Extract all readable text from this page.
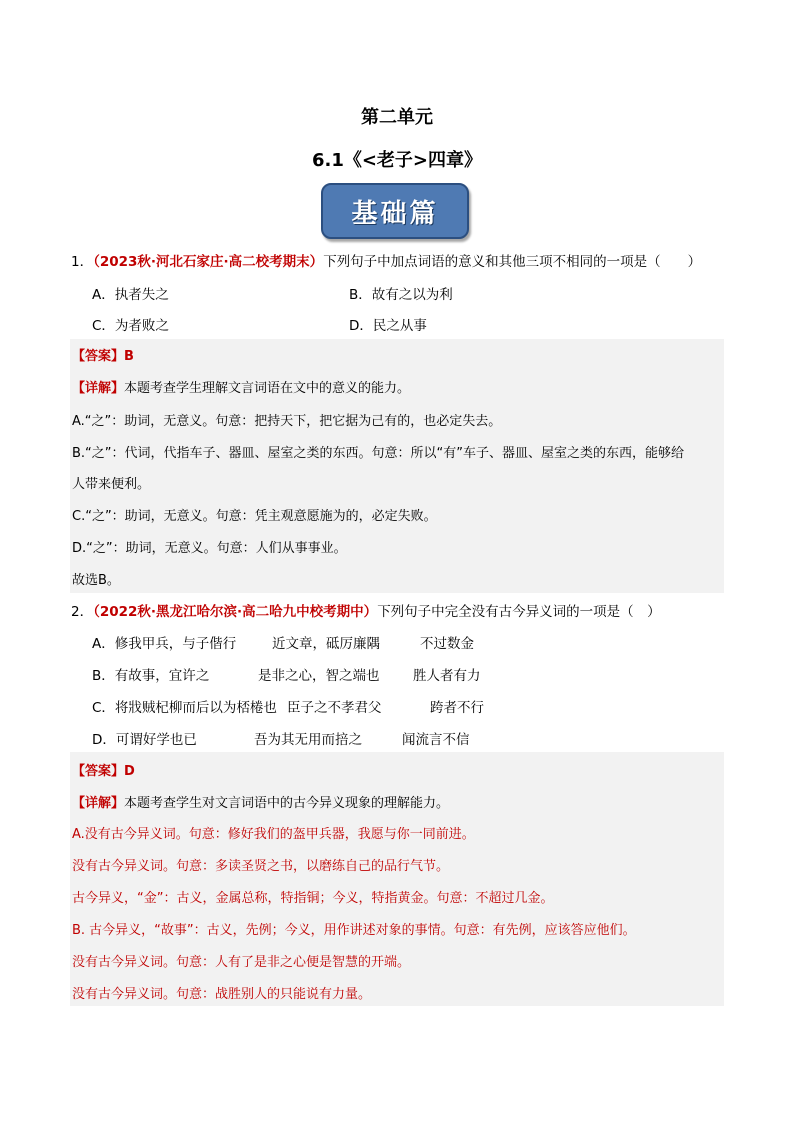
第二单元
6.1《<老子>四章》
基础篇
1．（2023秋·河北石家庄·高二校考期末）下列句子中加点词语的意义和其他三项不相同的一项是（　　）
A．执者失之	B．故有之以为利
C．为者败之	D．民之从事
【答案】B
【详解】本题考查学生理解文言词语在文中的意义的能力。
A.“之”：助词，无意义。句意：把持天下，把它据为己有的，也必定失去。
B.“之”：代词，代指车子、器皿、屋室之类的东西。句意：所以“有”车子、器皿、屋室之类的东西，能够给
人带来便利。
C.“之”：助词，无意义。句意：凭主观意愿施为的，必定失败。
D.“之”：助词，无意义。句意：人们从事事业。
故选B。
2．（2022秋·黑龙江哈尔滨·高二哈九中校考期中）下列句子中完全没有古今异义词的一项是（　）
A．修我甲兵，与子偕行	近文章，砥厉廉隅	不过数金
B．有故事，宜许之	是非之心，智之端也 胜人者有力
C．将戕贼杞柳而后以为桮棬也 臣子之不孝君父	跨者不行
D．可谓好学也已	吾为其无用而掊之	闻流言不信
【答案】D
【详解】本题考查学生对文言词语中的古今异义现象的理解能力。
A.没有古今异义词。句意：修好我们的盔甲兵器，我愿与你一同前进。
没有古今异义词。句意：多读圣贤之书，以磨练自己的品行气节。
古今异义，“金”：古义，金属总称，特指铜；今义，特指黄金。句意：不超过几金。
B. 古今异义，“故事”：古义，先例；今义，用作讲述对象的事情。句意：有先例，应该答应他们。
没有古今异义词。句意：人有了是非之心便是智慧的开端。
没有古今异义词。句意：战胜别人的只能说有力量。
